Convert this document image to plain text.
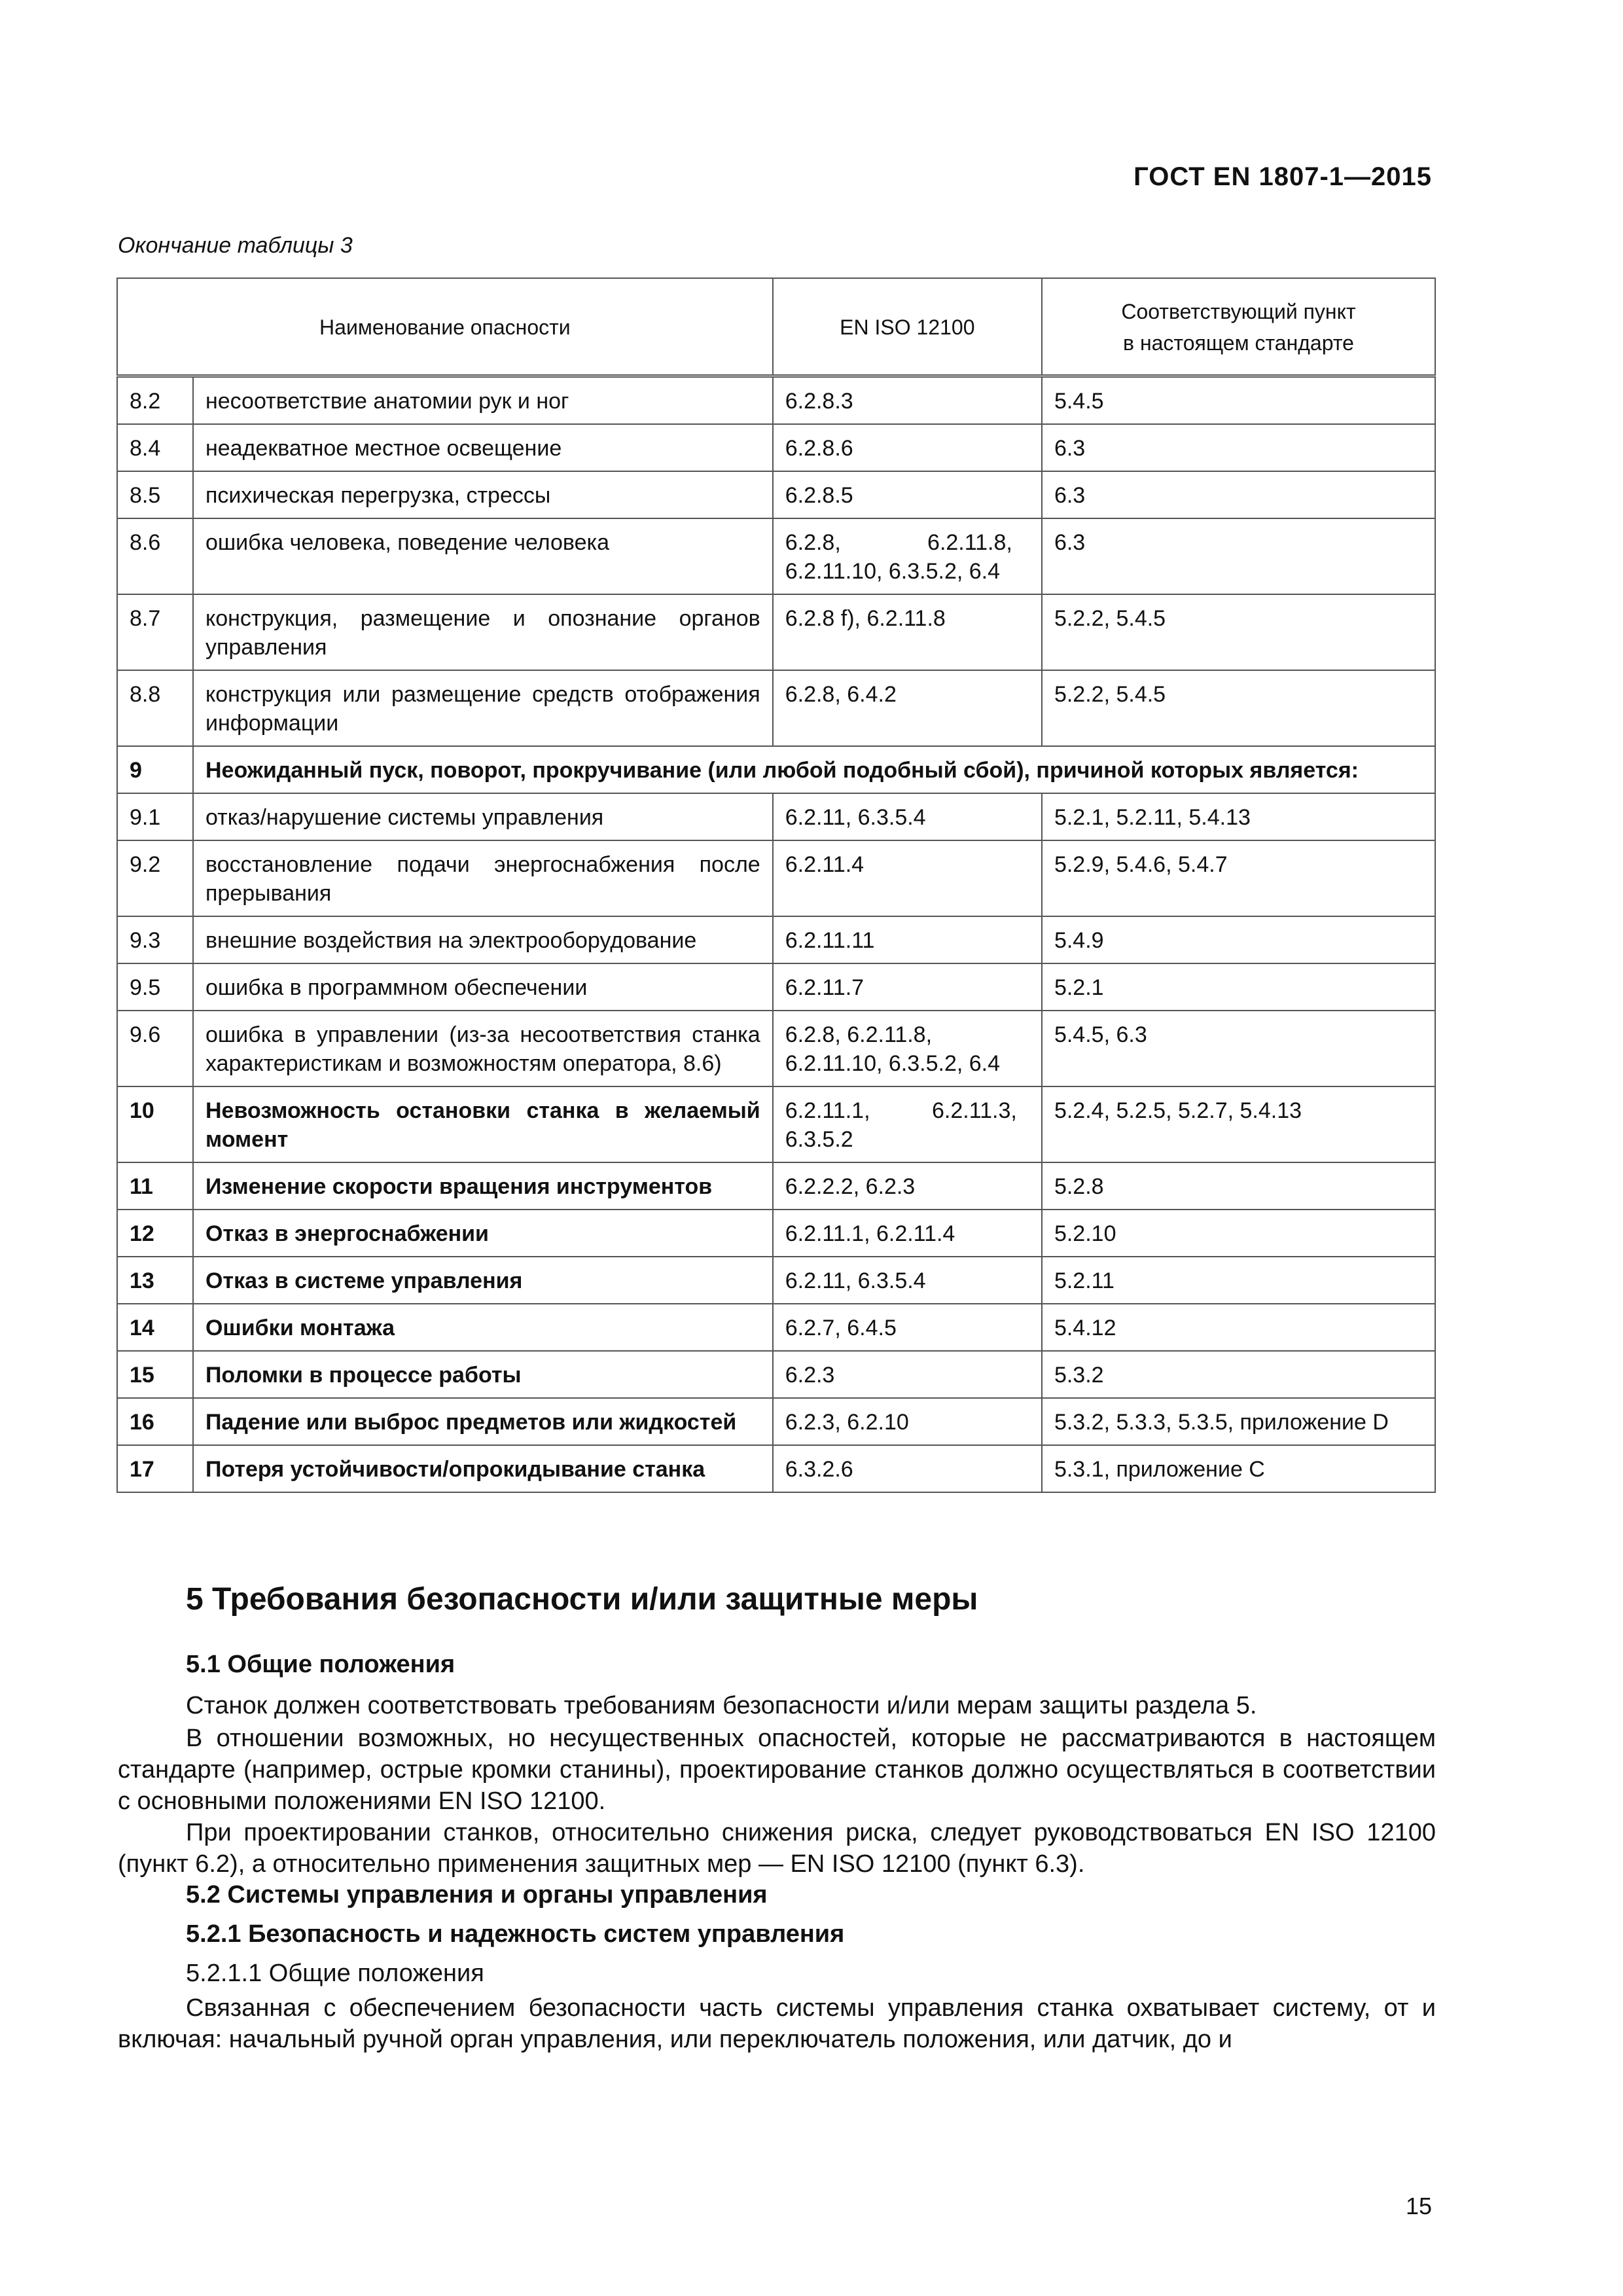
ГОСТ EN 1807-1—2015
Окончание таблицы 3
Наименование опасности		EN ISO 12100	Соответствующий пункт
в настоящем стандарте
8.2	несоответствие анатомии рук и ног	6.2.8.3	5.4.5
8.4	неадекватное местное освещение	6.2.8.6	6.3
8.5	психическая перегрузка, стрессы	6.2.8.5	6.3
8.6	ошибка человека, поведение человека	6.2.8,              6.2.11.8, 6.2.11.10, 6.3.5.2, 6.4	6.3
8.7	конструкция, размещение и опознание органов управления	6.2.8 f), 6.2.11.8	5.2.2, 5.4.5
8.8	конструкция или размещение средств отображения информации	6.2.8, 6.4.2	5.2.2, 5.4.5
9	Неожиданный пуск, поворот, прокручивание (или любой подобный сбой), причиной которых является:		
9.1	отказ/нарушение системы управления	6.2.11, 6.3.5.4	5.2.1, 5.2.11, 5.4.13
9.2	восстановление подачи энергоснабжения после прерывания	6.2.11.4	5.2.9, 5.4.6, 5.4.7
9.3	внешние воздействия на электрооборудование	6.2.11.11	5.4.9
9.5	ошибка в программном обеспечении	6.2.11.7	5.2.1
9.6	ошибка в управлении (из-за несоответствия станка характеристикам и возможностям оператора, 8.6)	6.2.8, 6.2.11.8, 6.2.11.10, 6.3.5.2, 6.4	5.4.5, 6.3
10	Невозможность остановки станка в желаемый момент	6.2.11.1,          6.2.11.3, 6.3.5.2	5.2.4, 5.2.5, 5.2.7, 5.4.13
11	Изменение скорости вращения инструментов	6.2.2.2, 6.2.3	5.2.8
12	Отказ в энергоснабжении	6.2.11.1, 6.2.11.4	5.2.10
13	Отказ в системе управления	6.2.11, 6.3.5.4	5.2.11
14	Ошибки монтажа	6.2.7, 6.4.5	5.4.12
15	Поломки в процессе работы	6.2.3	5.3.2
16	Падение или выброс предметов или жидкостей	6.2.3, 6.2.10	5.3.2, 5.3.3, 5.3.5, приложение D
17	Потеря устойчивости/опрокидывание станка	6.3.2.6	5.3.1, приложение С
5 Требования безопасности и/или защитные меры
5.1 Общие положения
Станок должен соответствовать требованиям безопасности и/или мерам защиты раздела 5.
В отношении возможных, но несущественных опасностей, которые не рассматриваются в настоящем стандарте (например, острые кромки станины), проектирование станков должно осуществляться в соответствии с основными положениями EN ISO 12100.
При проектировании станков, относительно снижения риска, следует руководствоваться EN ISO 12100 (пункт 6.2), а относительно применения защитных мер — EN ISO 12100 (пункт 6.3).
5.2 Системы управления и органы управления
5.2.1 Безопасность и надежность систем управления
5.2.1.1 Общие положения
Связанная с обеспечением безопасности часть системы управления станка охватывает систему, от и включая: начальный ручной орган управления, или переключатель положения, или датчик, до и
15
